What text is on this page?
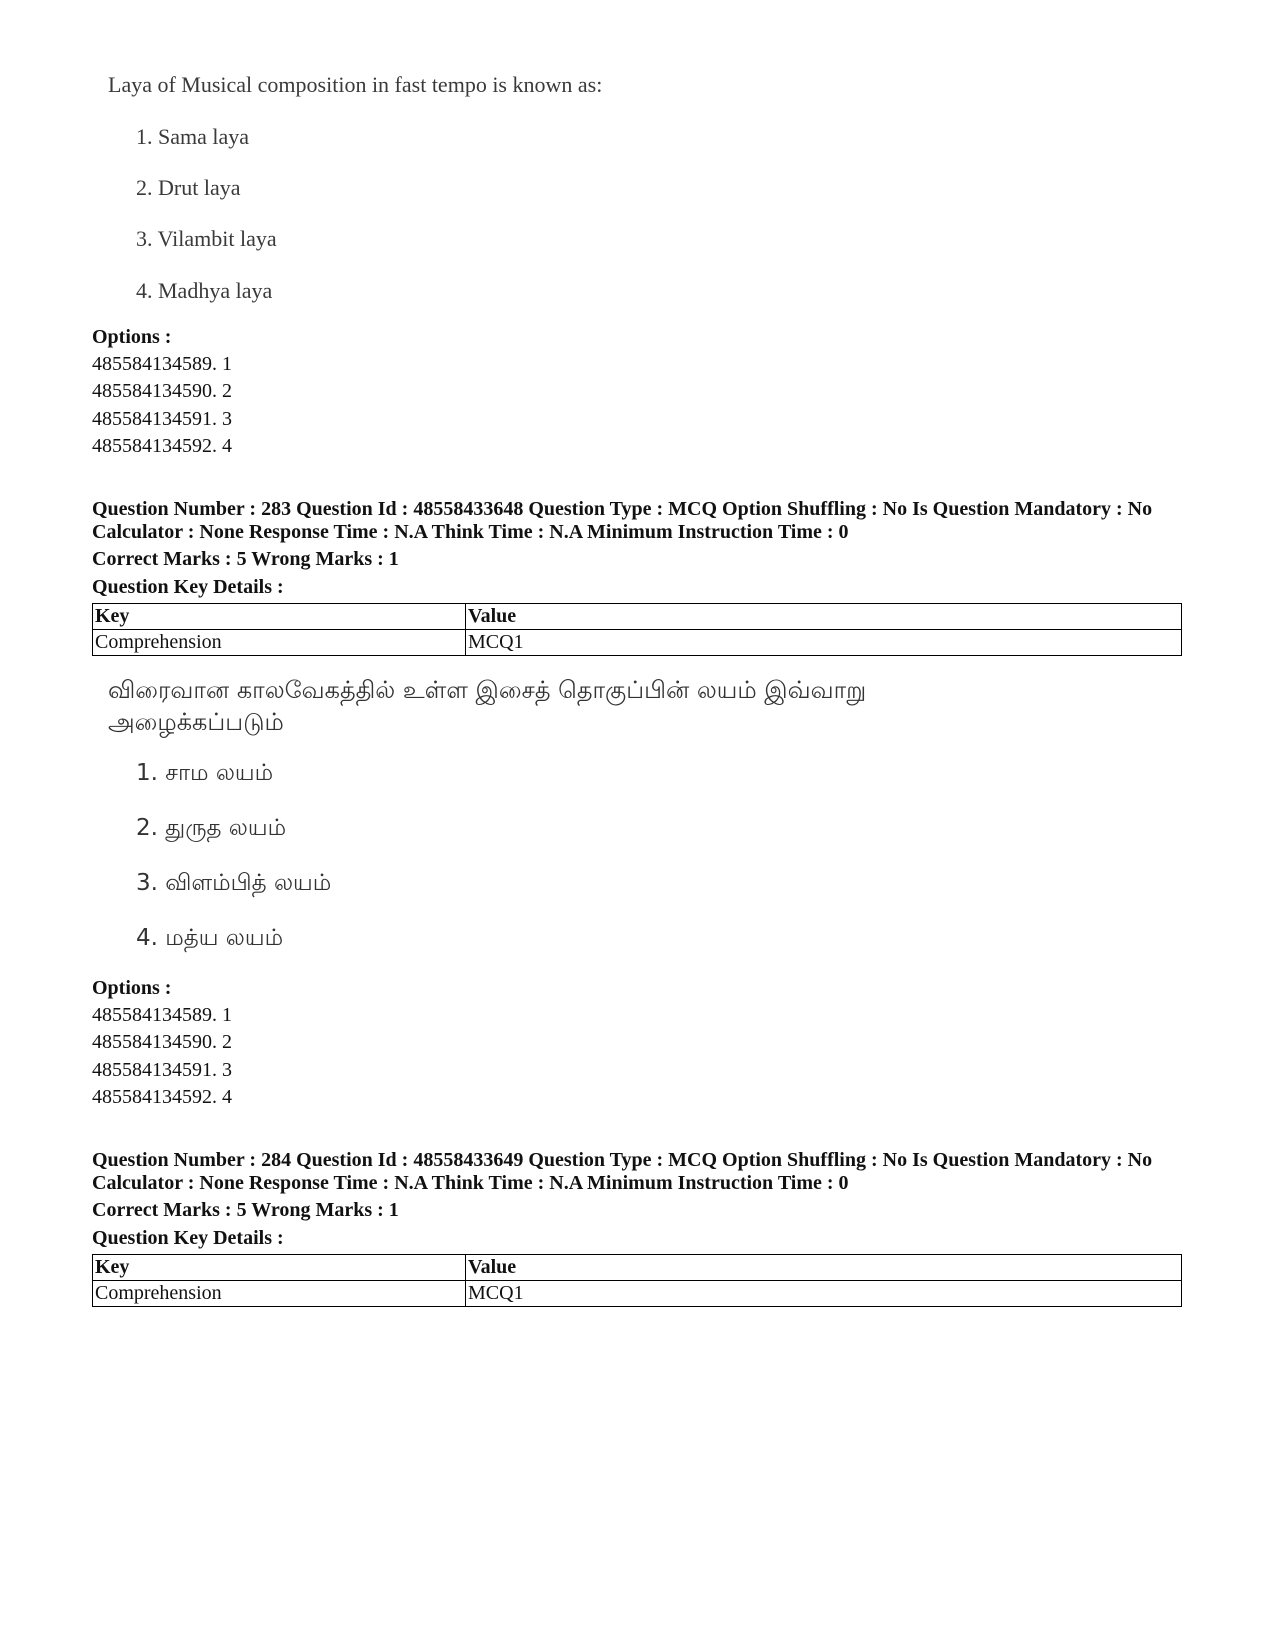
Laya of Musical composition in fast tempo is known as:
1. Sama laya
2. Drut laya
3. Vilambit laya
4. Madhya laya
Options :
485584134589. 1
485584134590. 2
485584134591. 3
485584134592. 4
Question Number : 283 Question Id : 48558433648 Question Type : MCQ Option Shuffling : No Is Question Mandatory : No Calculator : None Response Time : N.A Think Time : N.A Minimum Instruction Time : 0
Correct Marks : 5 Wrong Marks : 1
Question Key Details :
Key	Value
Comprehension	MCQ1
விரைவான காலவேகத்தில் உள்ள இசைத் தொகுப்பின் லயம் இவ்வாறு அழைக்கப்படும்
1. சாம லயம்
2. துருத லயம்
3. விளம்பித் லயம்
4. மத்ய லயம்
Options :
485584134589. 1
485584134590. 2
485584134591. 3
485584134592. 4
Question Number : 284 Question Id : 48558433649 Question Type : MCQ Option Shuffling : No Is Question Mandatory : No Calculator : None Response Time : N.A Think Time : N.A Minimum Instruction Time : 0
Correct Marks : 5 Wrong Marks : 1
Question Key Details :
Key	Value
Comprehension	MCQ1
